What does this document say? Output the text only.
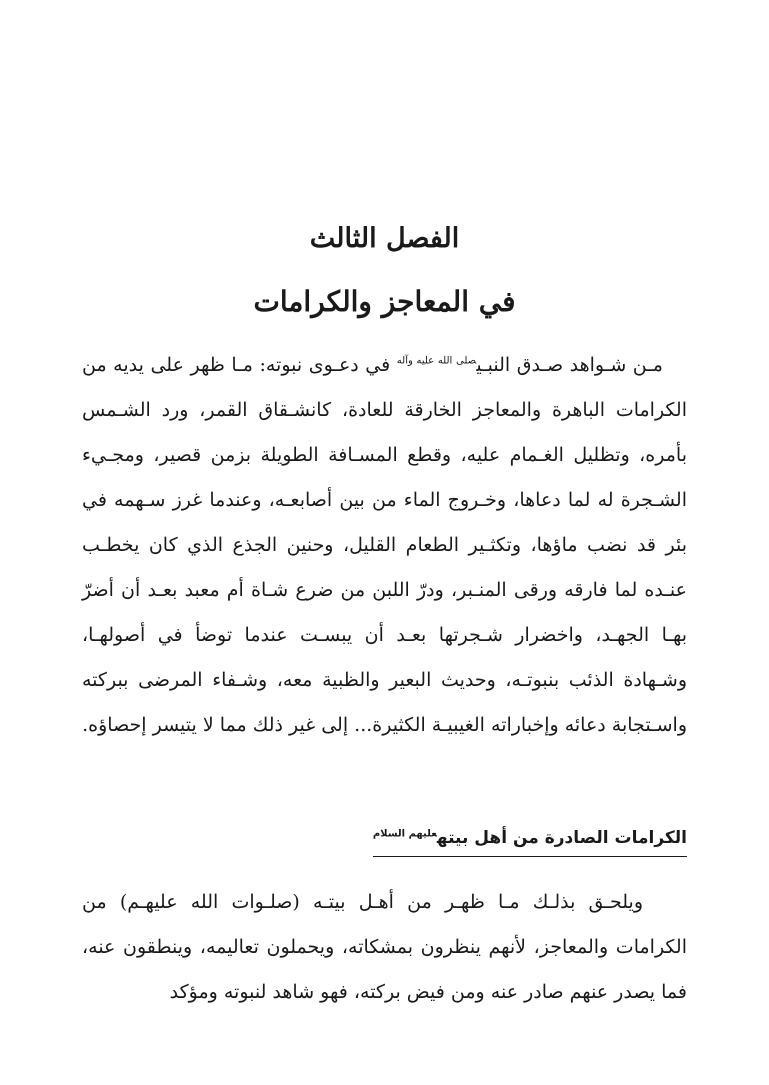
الفصل الثالث
في المعاجز والكرامات

مـن شـواهد صـدق النبـي$^{صلى الله عليه وآله}$ في دعـوى نبوته: مـا ظهر على يديه من الكرامات الباهرة والمعاجز الخارقة للعادة، كانشـقاق القمر، ورد الشـمس بأمره، وتظليل الغـمام عليه، وقطع المسـافة الطويلة بزمن قصير، ومجـيء الشـجرة له لما دعاها، وخـروج الماء من بين أصابعـه، وعندما غرز سـهمه في بئر قد نضب ماؤها، وتكثـير الطعام القليل، وحنين الجذع الذي كان يخطـب عنـده لما فارقه ورقى المنـبر، ودرّ اللبن من ضرع شـاة أم معبد بعـد أن أضرّ بهـا الجهـد، واخضرار شـجرتها بعـد أن يبسـت عندما توضأ في أصولهـا، وشـهادة الذئب بنبوتـه، وحديث البعير والظبية معه، وشـفاء المرضى ببركته واسـتجابة دعائه وإخباراته الغيبيـة الكثيرة... إلى غير ذلك مما لا يتيسر إحصاؤه.

الكرامات الصادرة من أهل بيته$^{عليهم السلام}$

ويلحـق بذلـك مـا ظهـر من أهـل بيتـه (صلـوات الله عليهـم) من الكرامات والمعاجز، لأنهم ينظرون بمشكاته، ويحملون تعاليمه، وينطقون عنه، فما يصدر عنهم صادر عنه ومن فيض بركته، فهو شاهد لنبوته ومؤكد
